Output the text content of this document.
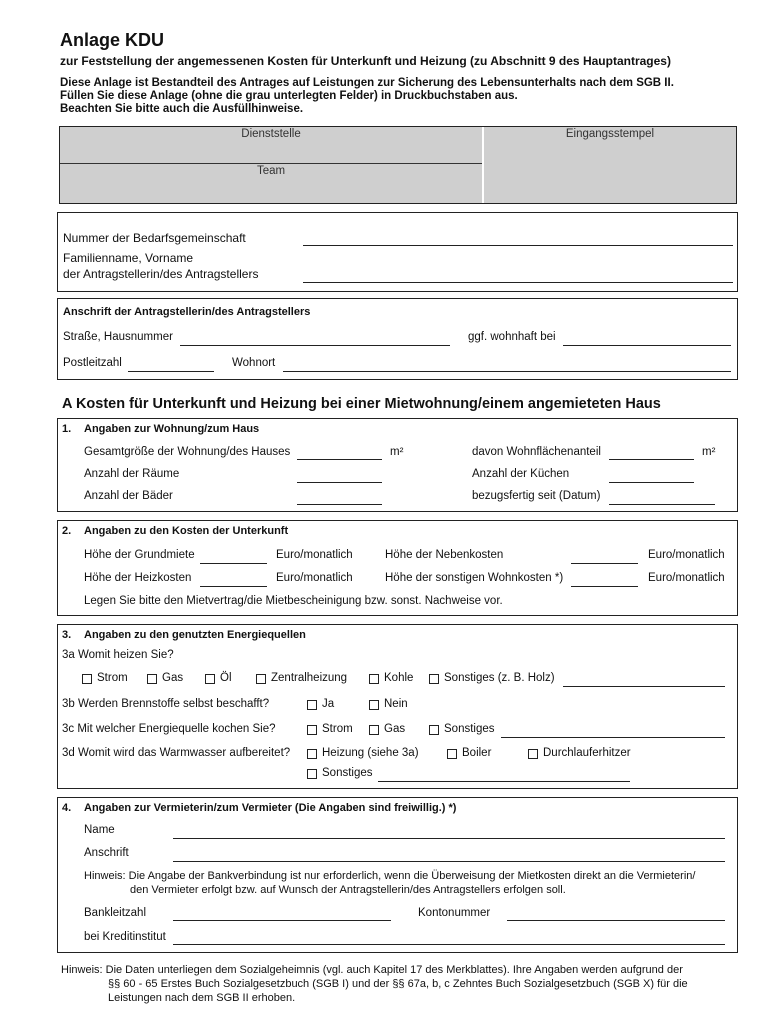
Anlage KDU
zur Feststellung der angemessenen Kosten für Unterkunft und Heizung (zu Abschnitt 9 des Hauptantrages)
Diese Anlage ist Bestandteil des Antrages auf Leistungen zur Sicherung des Lebensunterhalts nach dem SGB II.
Füllen Sie diese Anlage (ohne die grau unterlegten Felder) in Druckbuchstaben aus.
Beachten Sie bitte auch die Ausfüllhinweise.
Dienststelle
Team
Eingangsstempel
Nummer der Bedarfsgemeinschaft
Familienname, Vorname
der Antragstellerin/des Antragstellers
Anschrift der Antragstellerin/des Antragstellers
Straße, Hausnummer	ggf. wohnhaft bei
Postleitzahl	Wohnort
A Kosten für Unterkunft und Heizung bei einer Mietwohnung/einem angemieteten Haus
1. Angaben zur Wohnung/zum Haus
Gesamtgröße der Wohnung/des Hauses	m²	davon Wohnflächenanteil	m²
Anzahl der Räume	Anzahl der Küchen
Anzahl der Bäder	bezugsfertig seit (Datum)
2. Angaben zu den Kosten der Unterkunft
Höhe der Grundmiete	Euro/monatlich	Höhe der Nebenkosten	Euro/monatlich
Höhe der Heizkosten	Euro/monatlich	Höhe der sonstigen Wohnkosten *)	Euro/monatlich
Legen Sie bitte den Mietvertrag/die Mietbescheinigung bzw. sonst. Nachweise vor.
3. Angaben zu den genutzten Energiequellen
3a Womit heizen Sie?
Strom	Gas	Öl	Zentralheizung	Kohle	Sonstiges (z. B. Holz)
3b Werden Brennstoffe selbst beschafft?	Ja	Nein
3c Mit welcher Energiequelle kochen Sie?	Strom	Gas	Sonstiges
3d Womit wird das Warmwasser aufbereitet?	Heizung (siehe 3a)	Boiler	Durchlauferhitzer
Sonstiges
4. Angaben zur Vermieterin/zum Vermieter (Die Angaben sind freiwillig.) *)
Name
Anschrift
Hinweis: Die Angabe der Bankverbindung ist nur erforderlich, wenn die Überweisung der Mietkosten direkt an die Vermieterin/
den Vermieter erfolgt bzw. auf Wunsch der Antragstellerin/des Antragstellers erfolgen soll.
Bankleitzahl	Kontonummer
bei Kreditinstitut
Hinweis: Die Daten unterliegen dem Sozialgeheimnis (vgl. auch Kapitel 17 des Merkblattes). Ihre Angaben werden aufgrund der
§§ 60 - 65 Erstes Buch Sozialgesetzbuch (SGB I) und der §§ 67a, b, c Zehntes Buch Sozialgesetzbuch (SGB X) für die
Leistungen nach dem SGB II erhoben.
